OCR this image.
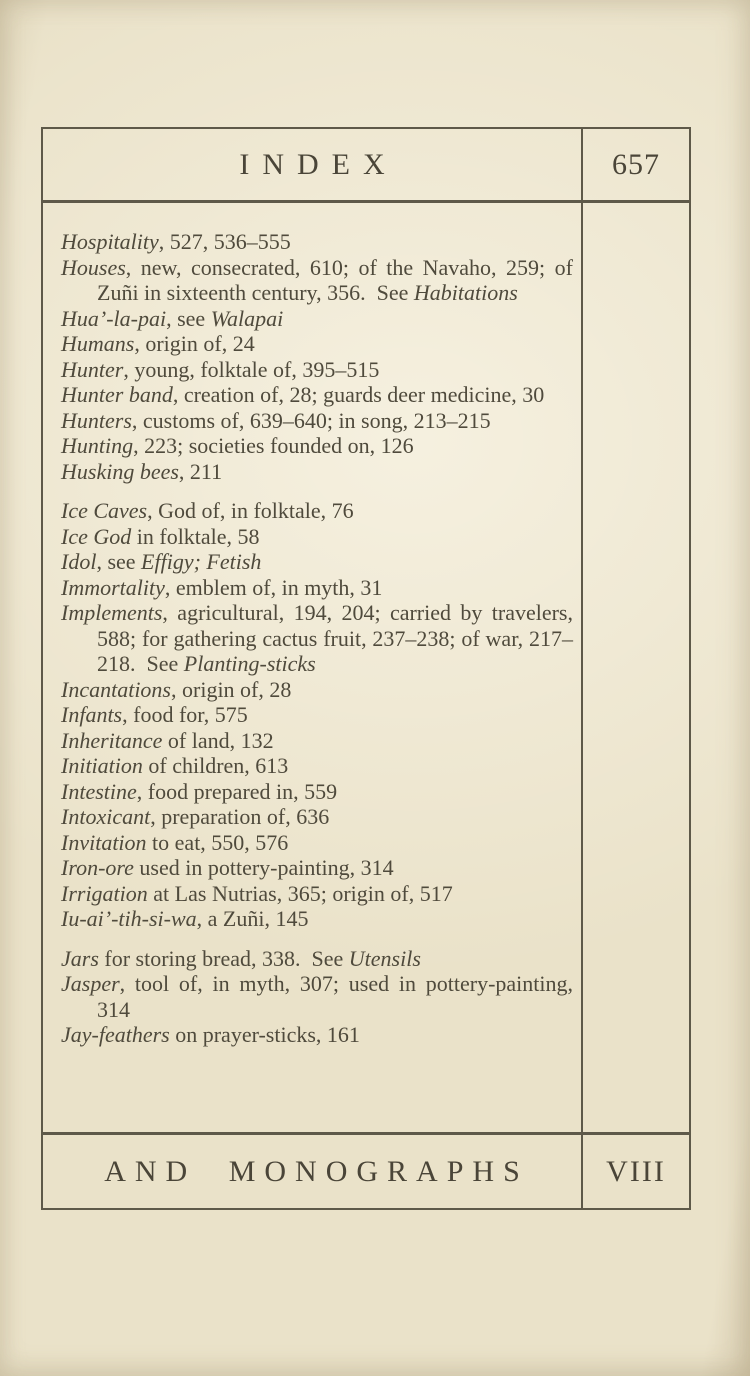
INDEX	657

Hospitality, 527, 536–555

Houses, new, consecrated, 610; of the Navaho, 259; of Zuñi in sixteenth century, 356. See Habitations

Hua’-la-pai, see Walapai

Humans, origin of, 24

Hunter, young, folktale of, 395–515

Hunter band, creation of, 28; guards deer medicine, 30

Hunters, customs of, 639–640; in song, 213–215

Hunting, 223; societies founded on, 126

Husking bees, 211

Ice Caves, God of, in folktale, 76

Ice God in folktale, 58

Idol, see Effigy; Fetish

Immortality, emblem of, in myth, 31

Implements, agricultural, 194, 204; carried by travelers, 588; for gathering cactus fruit, 237–238; of war, 217–218. See Planting-sticks

Incantations, origin of, 28

Infants, food for, 575

Inheritance of land, 132

Initiation of children, 613

Intestine, food prepared in, 559

Intoxicant, preparation of, 636

Invitation to eat, 550, 576

Iron-ore used in pottery-painting, 314

Irrigation at Las Nutrias, 365; origin of, 517

Iu-ai’-tih-si-wa, a Zuñi, 145

Jars for storing bread, 338. See Utensils

Jasper, tool of, in myth, 307; used in pottery-painting, 314

Jay-feathers on prayer-sticks, 161

AND MONOGRAPHS	VIII
